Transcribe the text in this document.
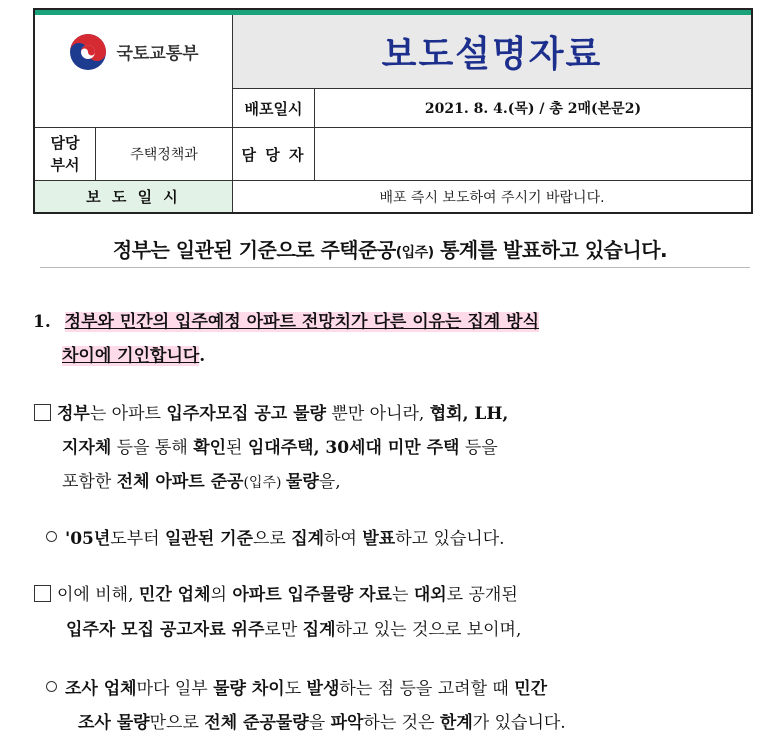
국토교통부	보도설명자료
배포일시	2021. 8. 4.(목) / 총 2매(본문2)
담당
부서
주택정책과	담 당 자
보 도 일 시	배포 즉시 보도하여 주시기 바랍니다.
정부는 일관된 기준으로 주택준공(입주) 통계를 발표하고 있습니다.
1. 정부와 민간의 입주예정 아파트 전망치가 다른 이유는 집계 방식
차이에 기인합니다.
정부는 아파트 입주자모집 공고 물량 뿐만 아니라, 협회, LH,
지자체 등을 통해 확인된 임대주택, 30세대 미만 주택 등을
포함한 전체 아파트 준공(입주) 물량을,
'05년도부터 일관된 기준으로 집계하여 발표하고 있습니다.
이에 비해, 민간 업체의 아파트 입주물량 자료는 대외로 공개된
입주자 모집 공고자료 위주로만 집계하고 있는 것으로 보이며,
조사 업체마다 일부 물량 차이도 발생하는 점 등을 고려할 때 민간
조사 물량만으로 전체 준공물량을 파악하는 것은 한계가 있습니다.
